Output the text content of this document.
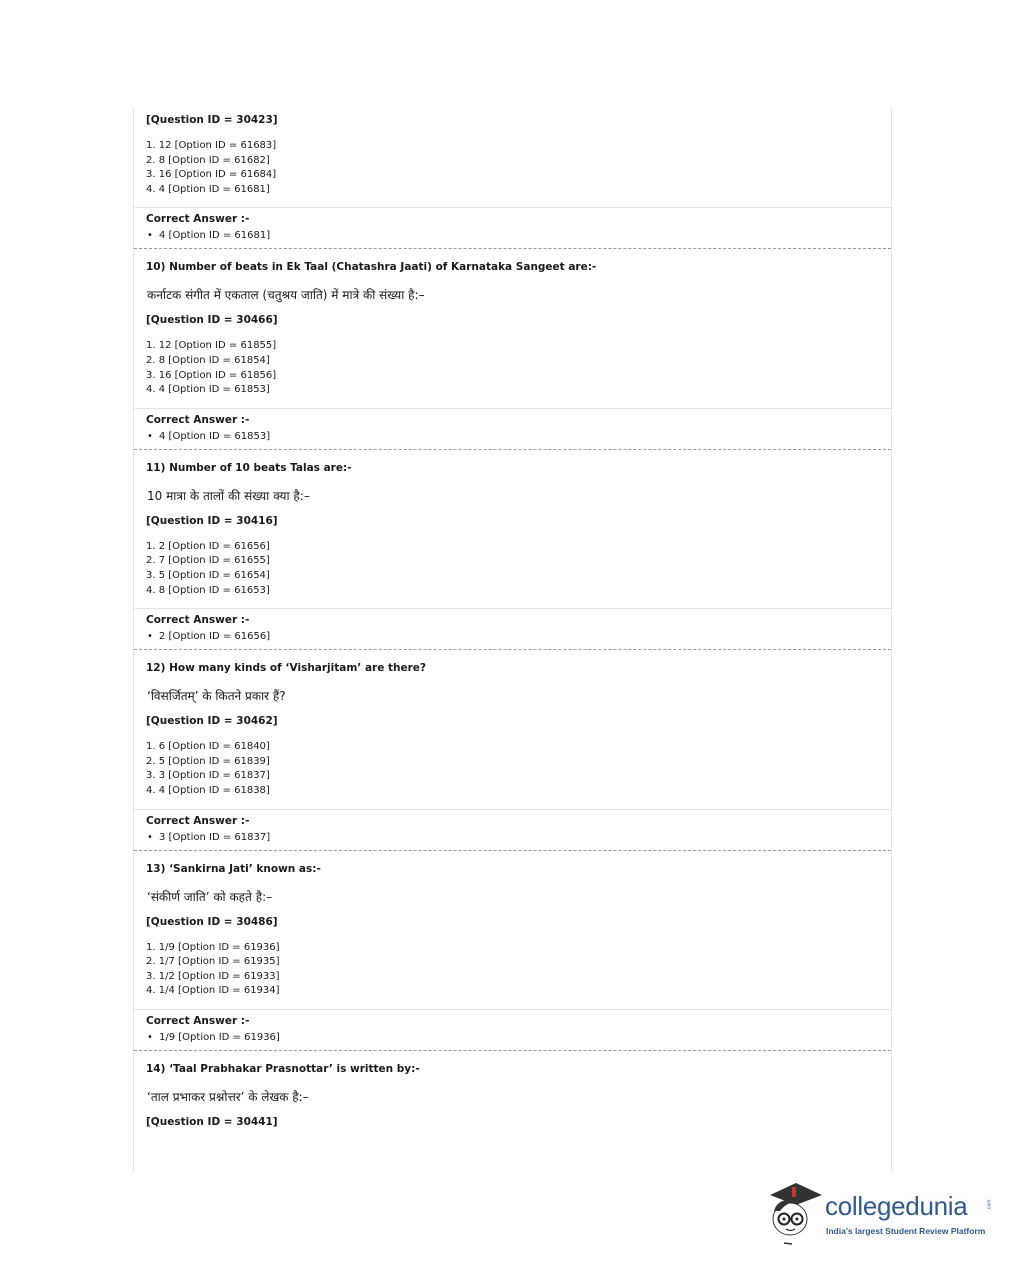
[Question ID = 30423]
1. 12 [Option ID = 61683]
2. 8 [Option ID = 61682]
3. 16 [Option ID = 61684]
4. 4 [Option ID = 61681]
Correct Answer :-
• 4 [Option ID = 61681]
10) Number of beats in Ek Taal (Chatashra Jaati) of Karnataka Sangeet are:-
कर्नाटक संगीत में एकताल (चतुश्रय जाति) में मात्रे की संख्या है:–
[Question ID = 30466]
1. 12 [Option ID = 61855]
2. 8 [Option ID = 61854]
3. 16 [Option ID = 61856]
4. 4 [Option ID = 61853]
Correct Answer :-
• 4 [Option ID = 61853]
11) Number of 10 beats Talas are:-
10 मात्रा के तालों की संख्या क्या है:–
[Question ID = 30416]
1. 2 [Option ID = 61656]
2. 7 [Option ID = 61655]
3. 5 [Option ID = 61654]
4. 8 [Option ID = 61653]
Correct Answer :-
• 2 [Option ID = 61656]
12) How many kinds of ‘Visharjitam’ are there?
‘विसर्जितम्’ के कितने प्रकार हैं?
[Question ID = 30462]
1. 6 [Option ID = 61840]
2. 5 [Option ID = 61839]
3. 3 [Option ID = 61837]
4. 4 [Option ID = 61838]
Correct Answer :-
• 3 [Option ID = 61837]
13) ‘Sankirna Jati’ known as:-
‘संकीर्ण जाति’ को कहते है:–
[Question ID = 30486]
1. 1/9 [Option ID = 61936]
2. 1/7 [Option ID = 61935]
3. 1/2 [Option ID = 61933]
4. 1/4 [Option ID = 61934]
Correct Answer :-
• 1/9 [Option ID = 61936]
14) ‘Taal Prabhakar Prasnottar’ is written by:-
‘ताल प्रभाकर प्रश्नोत्तर’ के लेखक है:–
[Question ID = 30441]
collegedunia	.com
India's largest Student Review Platform
